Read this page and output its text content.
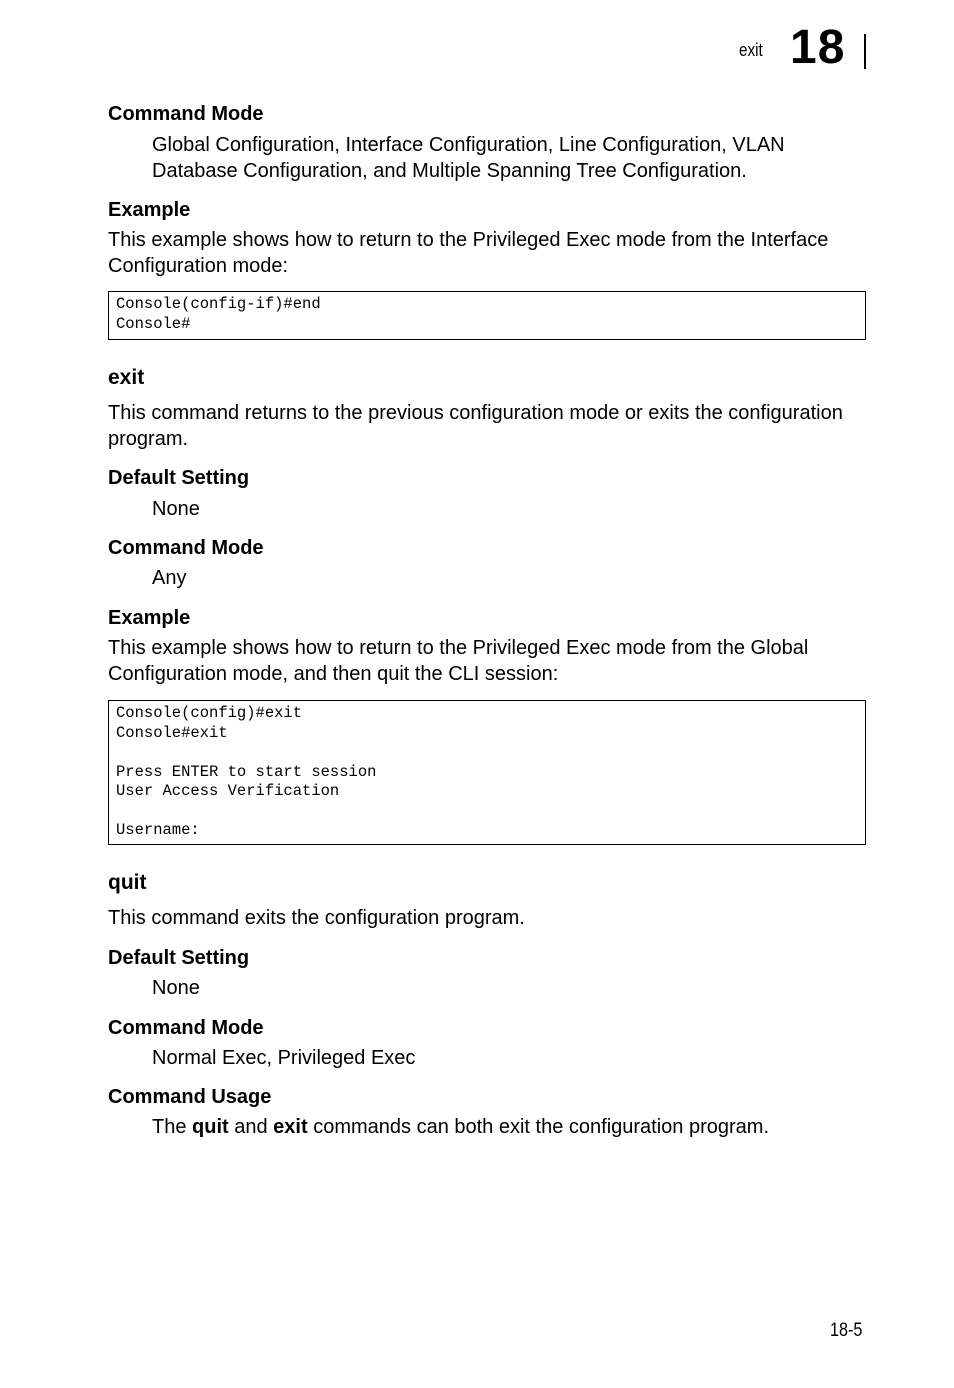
exit 18
Command Mode
Global Configuration, Interface Configuration, Line Configuration, VLAN Database Configuration, and Multiple Spanning Tree Configuration.
Example
This example shows how to return to the Privileged Exec mode from the Interface Configuration mode:
Console(config-if)#end
Console#
exit
This command returns to the previous configuration mode or exits the configuration program.
Default Setting
None
Command Mode
Any
Example
This example shows how to return to the Privileged Exec mode from the Global Configuration mode, and then quit the CLI session:
Console(config)#exit
Console#exit
Press ENTER to start session
User Access Verification
Username:
quit
This command exits the configuration program.
Default Setting
None
Command Mode
Normal Exec, Privileged Exec
Command Usage
The quit and exit commands can both exit the configuration program.
18-5
